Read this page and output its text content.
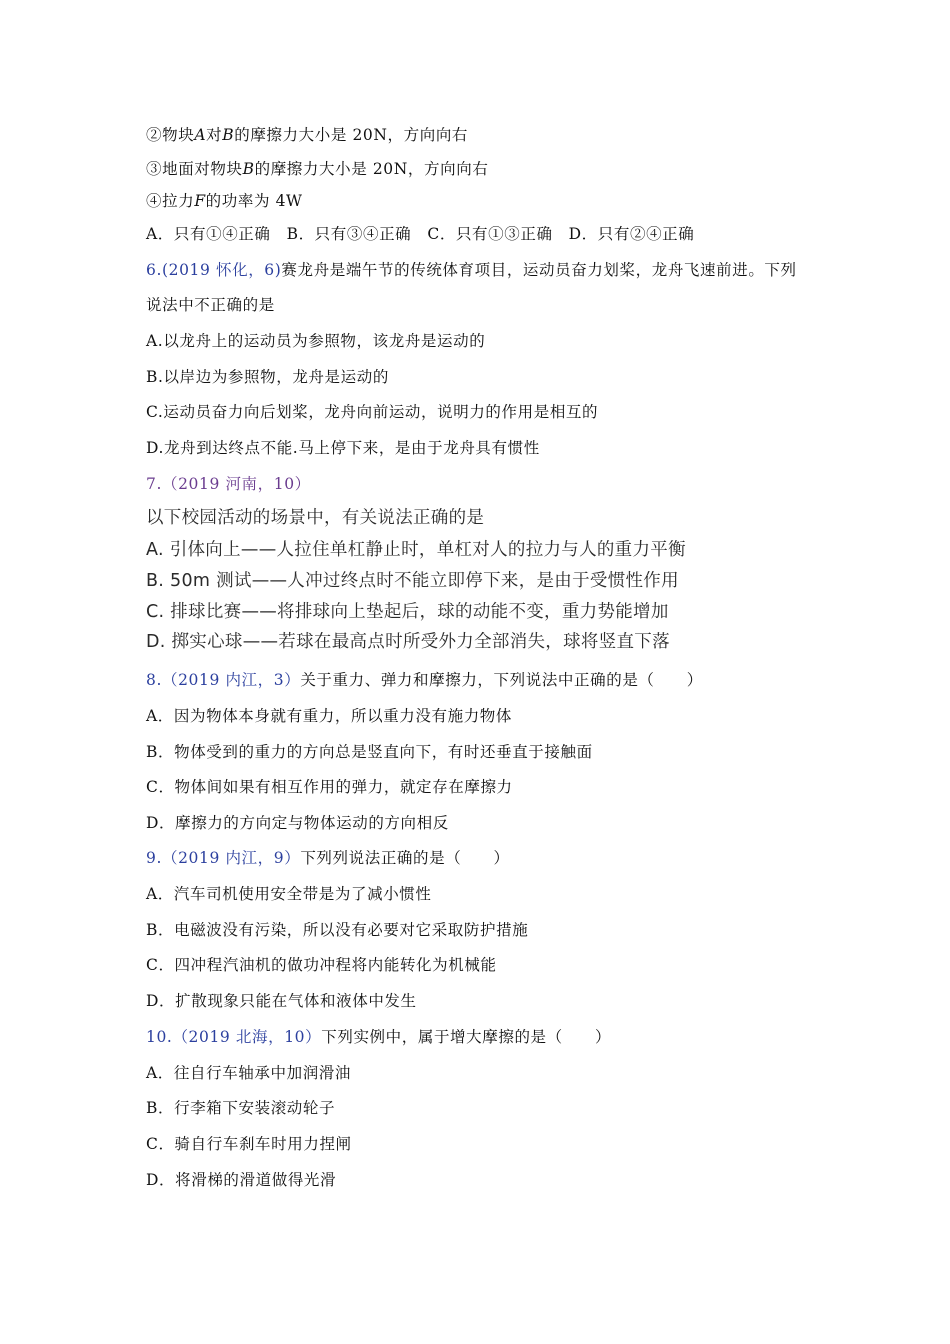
②物块A对B的摩擦力大小是 20N，方向向右
③地面对物块B的摩擦力大小是 20N，方向向右
④拉力F的功率为 4W
A．只有①④正确　B．只有③④正确　C．只有①③正确　D．只有②④正确
6.(2019 怀化，6)赛龙舟是端午节的传统体育项目，运动员奋力划桨，龙舟飞速前进。下列
说法中不正确的是
A.以龙舟上的运动员为参照物，该龙舟是运动的
B.以岸边为参照物，龙舟是运动的
C.运动员奋力向后划桨，龙舟向前运动，说明力的作用是相互的
D.龙舟到达终点不能.马上停下来，是由于龙舟具有惯性
7.（2019 河南，10）
以下校园活动的场景中，有关说法正确的是
A. 引体向上——人拉住单杠静止时，单杠对人的拉力与人的重力平衡
B. 50m 测试——人冲过终点时不能立即停下来，是由于受惯性作用
C. 排球比赛——将排球向上垫起后，球的动能不变，重力势能增加
D. 掷实心球——若球在最高点时所受外力全部消失，球将竖直下落
8.（2019 内江，3）关于重力、弹力和摩擦力，下列说法中正确的是（　　）
A．因为物体本身就有重力，所以重力没有施力物体
B．物体受到的重力的方向总是竖直向下，有时还垂直于接触面
C．物体间如果有相互作用的弹力，就定存在摩擦力
D．摩擦力的方向定与物体运动的方向相反
9.（2019 内江，9）下列列说法正确的是（　　）
A．汽车司机使用安全带是为了减小惯性
B．电磁波没有污染，所以没有必要对它采取防护措施
C．四冲程汽油机的做功冲程将内能转化为机械能
D．扩散现象只能在气体和液体中发生
10.（2019 北海，10）下列实例中，属于增大摩擦的是（　　）
A．往自行车轴承中加润滑油
B．行李箱下安装滚动轮子
C．骑自行车刹车时用力捏闸
D．将滑梯的滑道做得光滑
